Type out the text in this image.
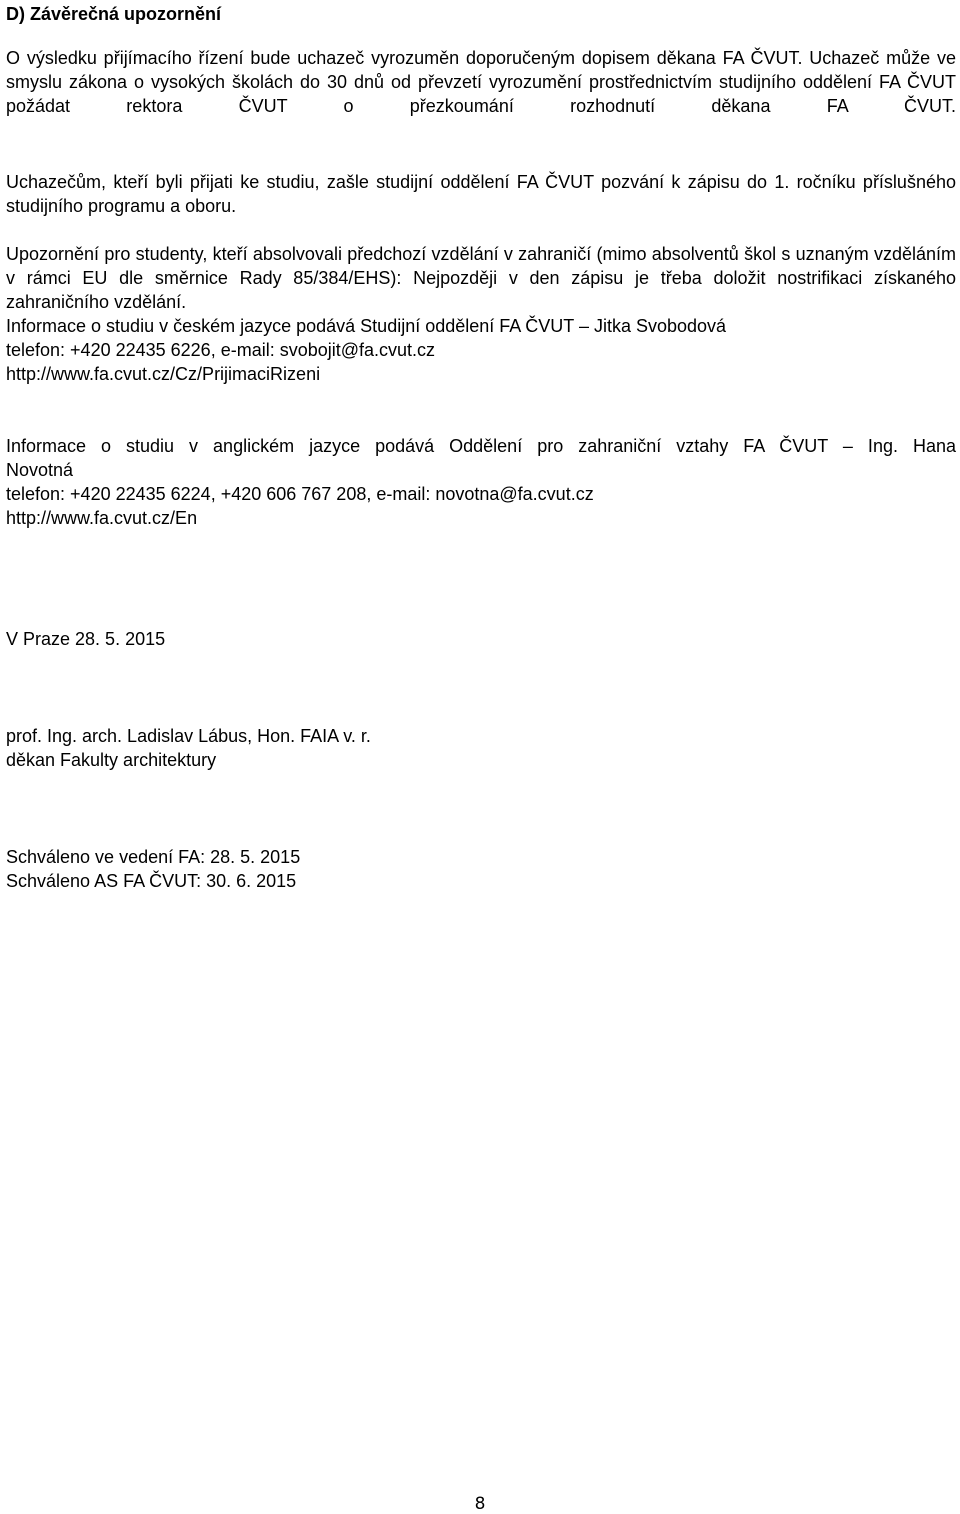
D) Závěrečná upozornění
O výsledku přijímacího řízení bude uchazeč vyrozuměn doporučeným dopisem děkana FA ČVUT. Uchazeč může ve smyslu zákona o vysokých školách do 30 dnů od převzetí vyrozumění prostřednictvím studijního oddělení FA ČVUT požádat rektora ČVUT o přezkoumání rozhodnutí děkana FA ČVUT.
Uchazečům, kteří byli přijati ke studiu, zašle studijní oddělení FA ČVUT pozvání k zápisu do 1. ročníku příslušného studijního programu a oboru.
Upozornění pro studenty, kteří absolvovali předchozí vzdělání v zahraničí (mimo absolventů škol s uznaným vzděláním v rámci EU dle směrnice Rady 85/384/EHS): Nejpozději v den zápisu je třeba doložit nostrifikaci získaného zahraničního vzdělání.
Informace o studiu v českém jazyce podává Studijní oddělení FA ČVUT – Jitka Svobodová
telefon: +420 22435 6226, e-mail: svobojit@fa.cvut.cz
http://www.fa.cvut.cz/Cz/PrijimaciRizeni
Informace o studiu v anglickém jazyce podává Oddělení pro zahraniční vztahy FA ČVUT – Ing. Hana
Novotná
telefon: +420 22435 6224, +420 606 767 208, e-mail: novotna@fa.cvut.cz
http://www.fa.cvut.cz/En
V Praze 28. 5. 2015
prof. Ing. arch. Ladislav Lábus, Hon. FAIA v. r.
děkan Fakulty architektury
Schváleno ve vedení FA: 28. 5. 2015
Schváleno AS FA ČVUT: 30. 6. 2015
8
